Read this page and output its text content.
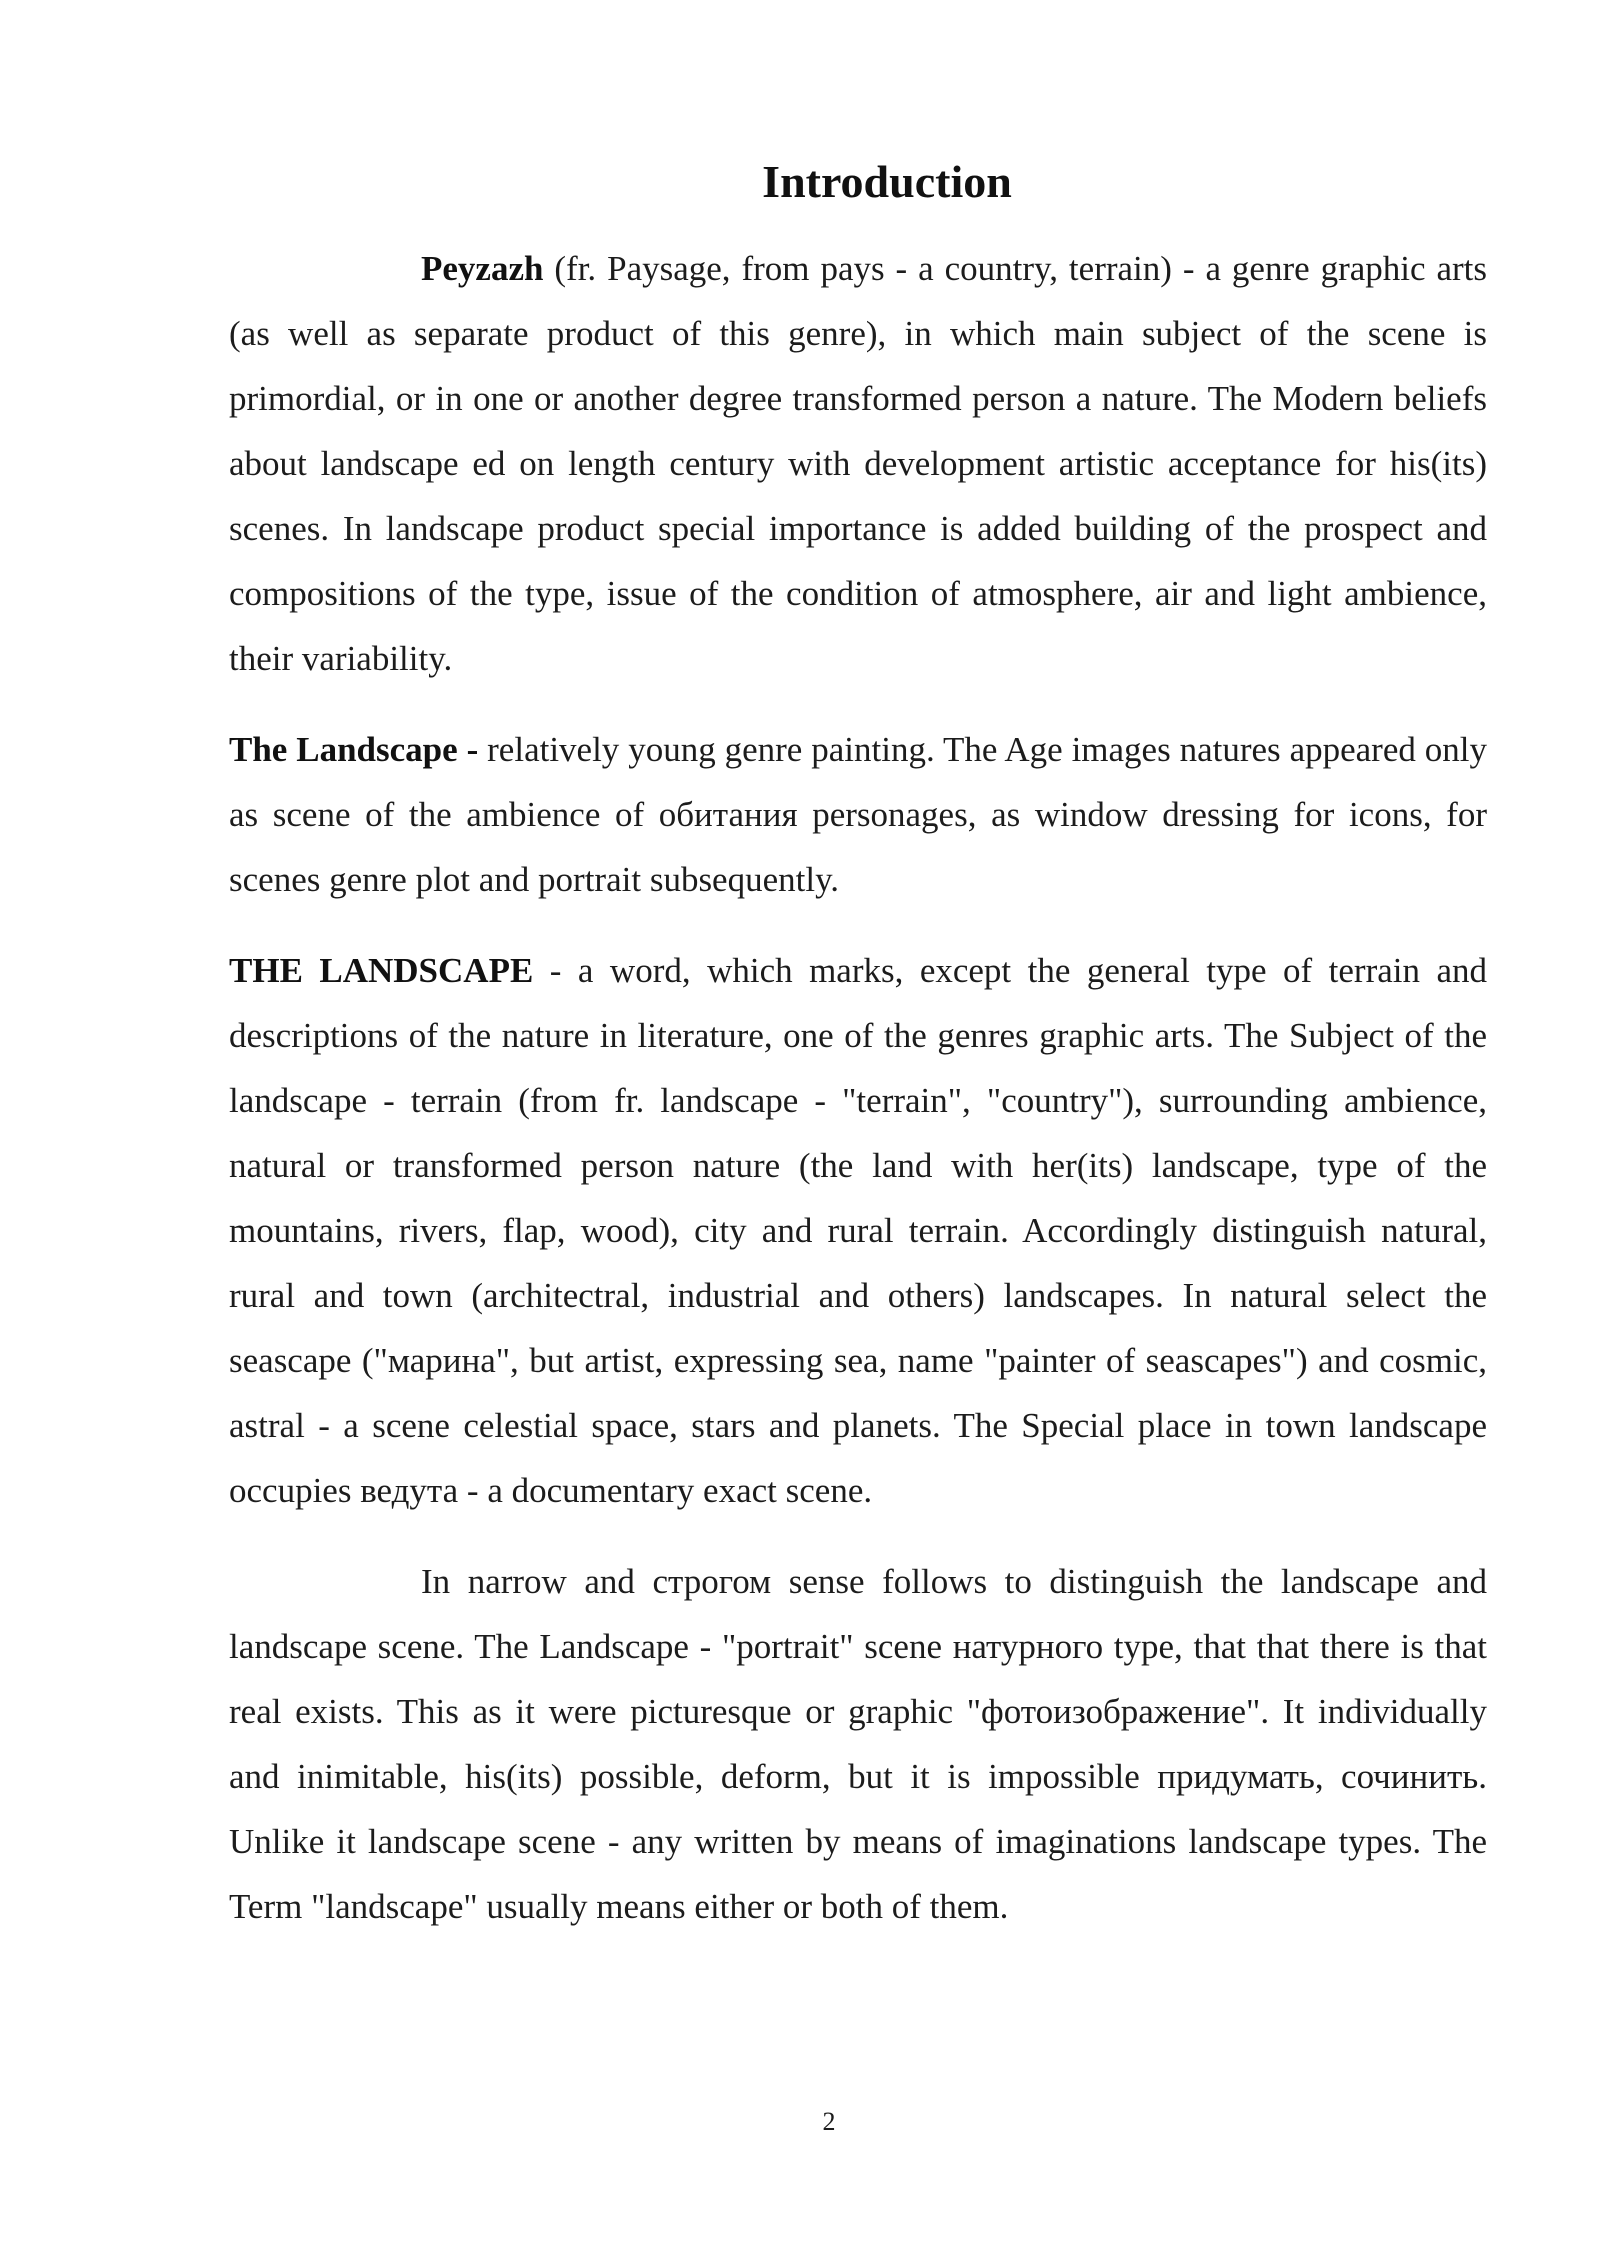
Introduction

Peyzazh (fr. Paysage, from pays - a country, terrain) - a genre graphic arts (as well as separate product of this genre), in which main subject of the scene is primordial, or in one or another degree transformed person a nature. The Modern beliefs about landscape ed on length century with development artistic acceptance for his(its) scenes. In landscape product special importance is added building of the prospect and compositions of the type, issue of the condition of atmosphere, air and light ambience, their variability.

The Landscape - relatively young genre painting. The Age images natures appeared only as scene of the ambience of обитания personages, as window dressing for icons, for scenes genre plot and portrait subsequently.

THE LANDSCAPE - a word, which marks, except the general type of terrain and descriptions of the nature in literature, one of the genres graphic arts. The Subject of the landscape - terrain (from fr. landscape - "terrain", "country"), surrounding ambience, natural or transformed person nature (the land with her(its) landscape, type of the mountains, rivers, flap, wood), city and rural terrain. Accordingly distinguish natural, rural and town (architectral, industrial and others) landscapes. In natural select the seascape ("марина", but artist, expressing sea, name "painter of seascapes") and cosmic, astral - a scene celestial space, stars and planets. The Special place in town landscape occupies ведута - a documentary exact scene.

In narrow and строгом sense follows to distinguish the landscape and landscape scene. The Landscape - "portrait" scene натурного type, that that there is that real exists. This as it were picturesque or graphic "фотоизображение". It individually and inimitable, his(its) possible, deform, but it is impossible придумать, сочинить. Unlike it landscape scene - any written by means of imaginations landscape types. The Term "landscape" usually means either or both of them.

2
